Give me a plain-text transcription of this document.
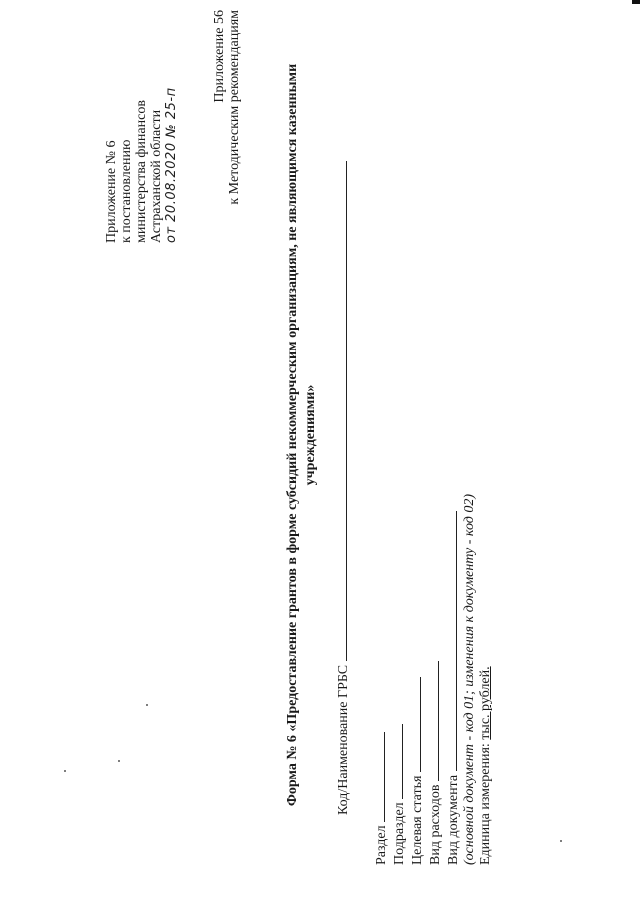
Приложение № 6 к постановлению министерства финансов Астраханской области от 20.08.2020 № 25-п
Приложение 56 к Методическим рекомендациям	Форма № 6 «Предоставление грантов в форме субсидий некоммерческим организациям, не являющимся казенными учреждениями»
Код/Наименование ГРБС
Раздел Подраздел Целевая статья Вид расходов Вид документа (основной документ - код 01; изменения к документу - код 02) Единица измерения: тыс. рублей.
